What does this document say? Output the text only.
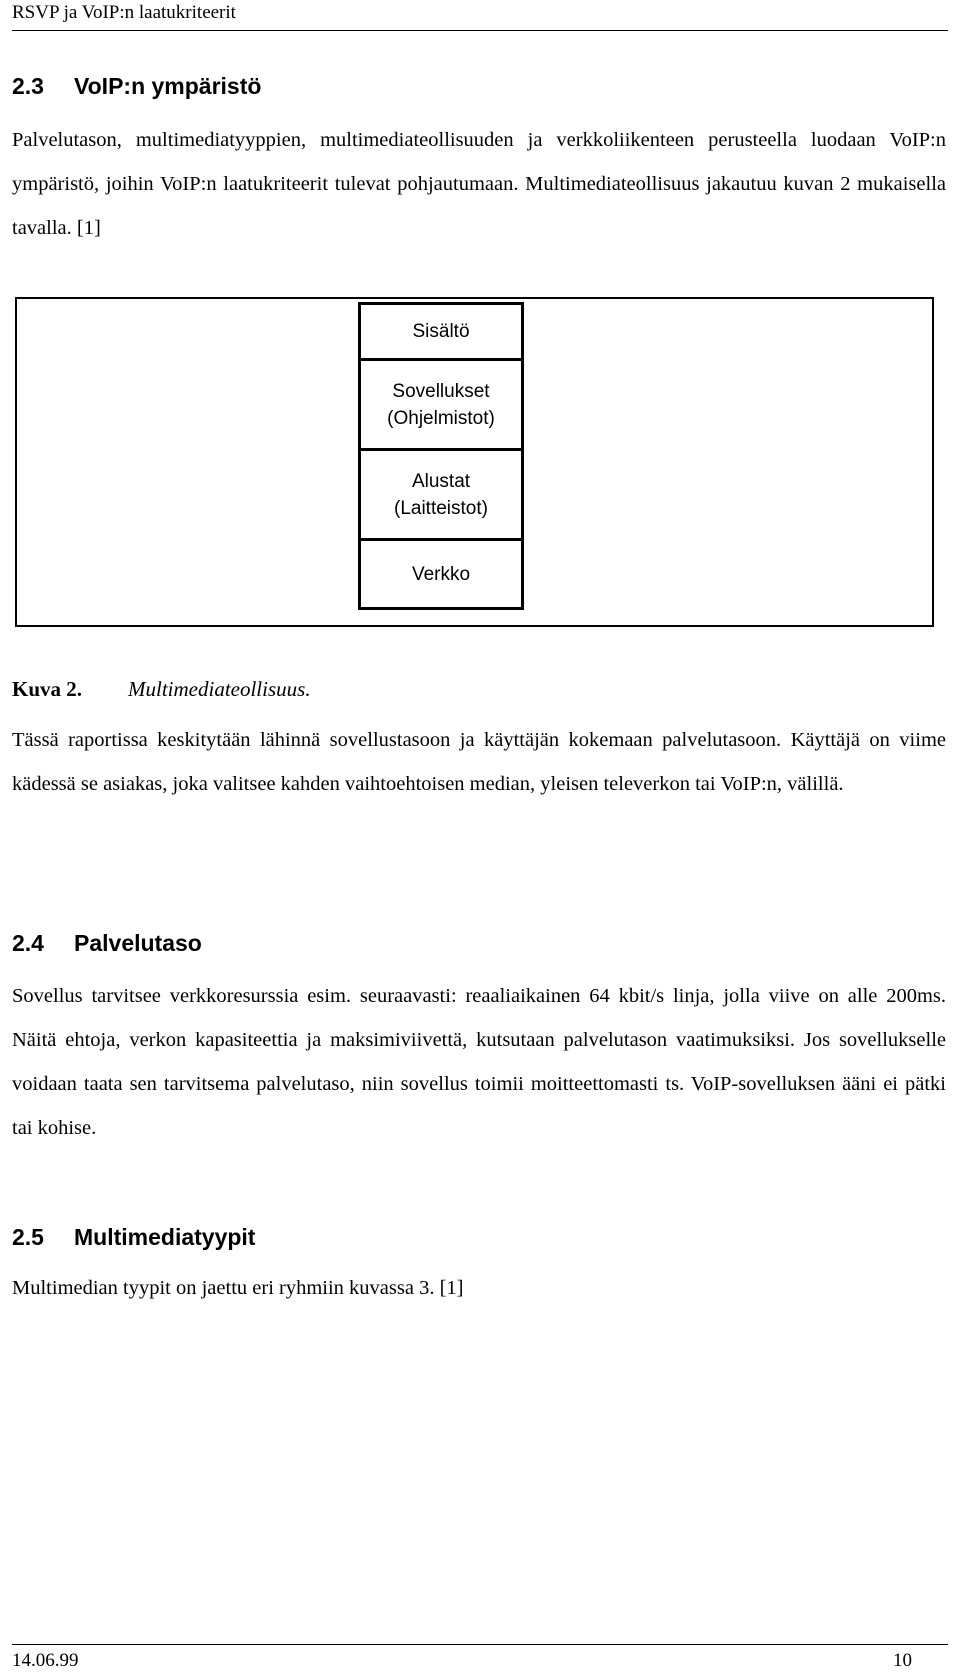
RSVP ja VoIP:n laatukriteerit
2.3 VoIP:n ympäristö

Palvelutason, multimediatyyppien, multimediateollisuuden ja verkkoliikenteen perusteella luodaan VoIP:n ympäristö, joihin VoIP:n laatukriteerit tulevat pohjautumaan. Multimediateollisuus jakautuu kuvan 2 mukaisella tavalla. [1]

Sisältö
Sovellukset
(Ohjelmistot)
Alustat
(Laitteistot)
Verkko
Kuva 2. Multimediateollisuus.

Tässä raportissa keskitytään lähinnä sovellustasoon ja käyttäjän kokemaan palvelutasoon. Käyttäjä on viime kädessä se asiakas, joka valitsee kahden vaihtoehtoisen median, yleisen televerkon tai VoIP:n, välillä.

2.4 Palvelutaso

Sovellus tarvitsee verkkoresurssia esim. seuraavasti: reaaliaikainen 64 kbit/s linja, jolla viive on alle 200ms. Näitä ehtoja, verkon kapasiteettia ja maksimiviivettä, kutsutaan palvelutason vaatimuksiksi. Jos sovellukselle voidaan taata sen tarvitsema palvelutaso, niin sovellus toimii moitteettomasti ts. VoIP-sovelluksen ääni ei pätki tai kohise.

2.5 Multimediatyypit

Multimedian tyypit on jaettu eri ryhmiin kuvassa 3. [1]

14.06.99	10
